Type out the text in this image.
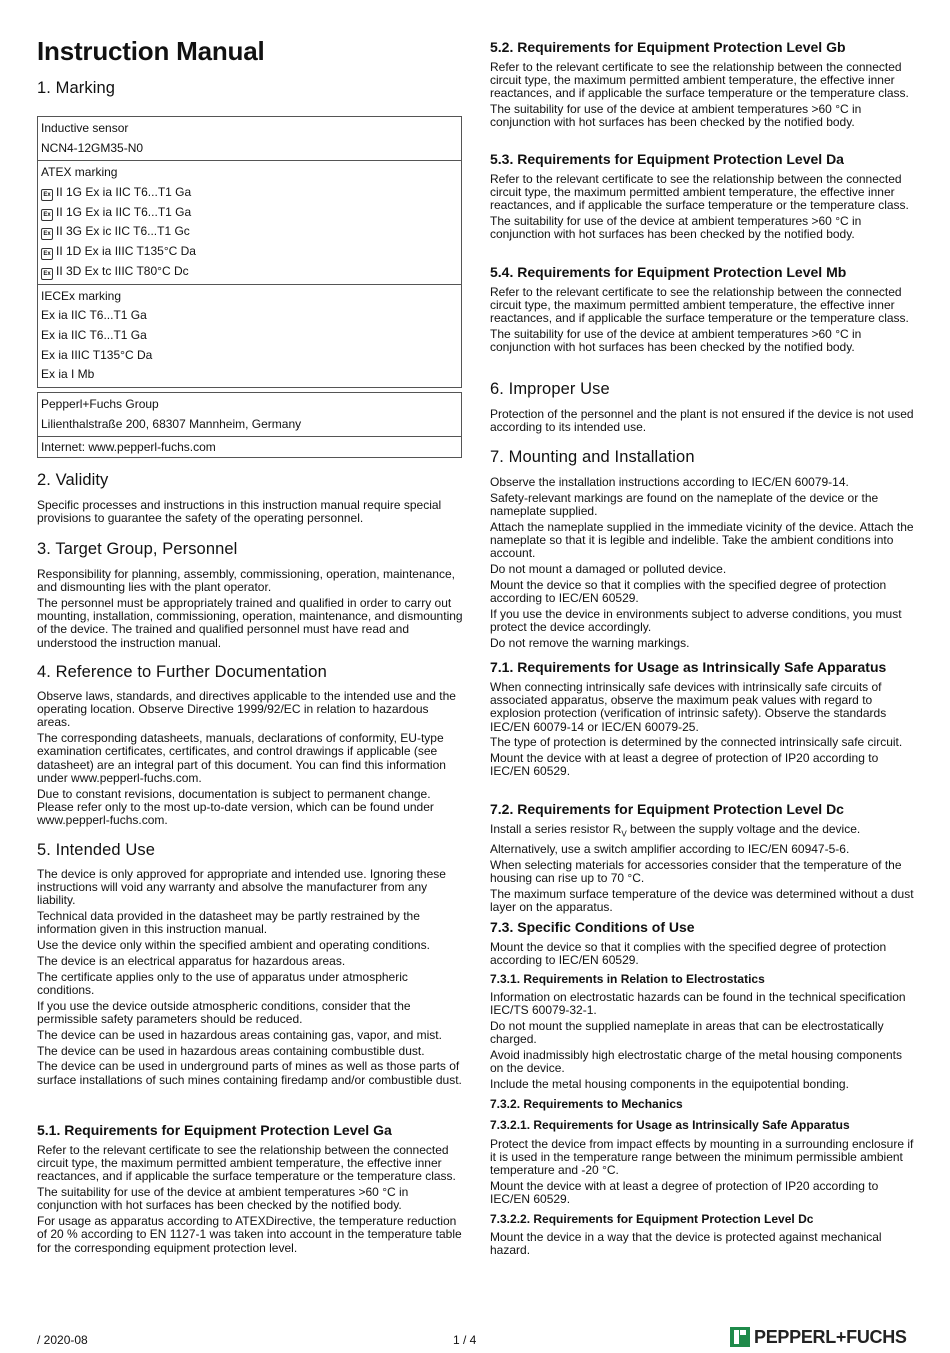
Instruction Manual
1. Marking
Inductive sensor
NCN4-12GM35-N0

ATEX marking
Ex II 1G Ex ia IIC T6...T1 Ga
Ex II 1G Ex ia IIC T6...T1 Ga
Ex II 3G Ex ic IIC T6...T1 Gc
Ex II 1D Ex ia IIIC T135°C Da
Ex II 3D Ex tc IIIC T80°C Dc

IECEx marking
Ex ia IIC T6...T1 Ga
Ex ia IIC T6...T1 Ga
Ex ia IIIC T135°C Da
Ex ia I Mb
Pepperl+Fuchs Group
Lilienthalstraße 200, 68307 Mannheim, Germany

Internet: www.pepperl-fuchs.com
2. Validity

Specific processes and instructions in this instruction manual require special provisions to guarantee the safety of the operating personnel.

3. Target Group, Personnel

Responsibility for planning, assembly, commissioning, operation, maintenance, and dismounting lies with the plant operator.

The personnel must be appropriately trained and qualified in order to carry out mounting, installation, commissioning, operation, maintenance, and dismounting of the device. The trained and qualified personnel must have read and understood the instruction manual.

4. Reference to Further Documentation

Observe laws, standards, and directives applicable to the intended use and the operating location. Observe Directive 1999/92/EC in relation to hazardous areas.

The corresponding datasheets, manuals, declarations of conformity, EU-type examination certificates, certificates, and control drawings if applicable (see datasheet) are an integral part of this document. You can find this information under www.pepperl-fuchs.com.

Due to constant revisions, documentation is subject to permanent change. Please refer only to the most up-to-date version, which can be found under www.pepperl-fuchs.com.

5. Intended Use

The device is only approved for appropriate and intended use. Ignoring these instructions will void any warranty and absolve the manufacturer from any liability.

Technical data provided in the datasheet may be partly restrained by the information given in this instruction manual.

Use the device only within the specified ambient and operating conditions.

The device is an electrical apparatus for hazardous areas.

The certificate applies only to the use of apparatus under atmospheric conditions.

If you use the device outside atmospheric conditions, consider that the permissible safety parameters should be reduced.

The device can be used in hazardous areas containing gas, vapor, and mist.

The device can be used in hazardous areas containing combustible dust.

The device can be used in underground parts of mines as well as those parts of surface installations of such mines containing firedamp and/or combustible dust.

5.1. Requirements for Equipment Protection Level Ga

Refer to the relevant certificate to see the relationship between the connected circuit type, the maximum permitted ambient temperature, the effective inner reactances, and if applicable the surface temperature or the temperature class.

The suitability for use of the device at ambient temperatures >60 °C in conjunction with hot surfaces has been checked by the notified body.

For usage as apparatus according to ATEXDirective, the temperature reduction of 20 % according to EN 1127-1 was taken into account in the temperature table for the corresponding equipment protection level.

5.2. Requirements for Equipment Protection Level Gb

Refer to the relevant certificate to see the relationship between the connected circuit type, the maximum permitted ambient temperature, the effective inner reactances, and if applicable the surface temperature or the temperature class.

The suitability for use of the device at ambient temperatures >60 °C in conjunction with hot surfaces has been checked by the notified body.

5.3. Requirements for Equipment Protection Level Da

Refer to the relevant certificate to see the relationship between the connected circuit type, the maximum permitted ambient temperature, the effective inner reactances, and if applicable the surface temperature or the temperature class.

The suitability for use of the device at ambient temperatures >60 °C in conjunction with hot surfaces has been checked by the notified body.

5.4. Requirements for Equipment Protection Level Mb

Refer to the relevant certificate to see the relationship between the connected circuit type, the maximum permitted ambient temperature, the effective inner reactances, and if applicable the surface temperature or the temperature class.

The suitability for use of the device at ambient temperatures >60 °C in conjunction with hot surfaces has been checked by the notified body.

6. Improper Use

Protection of the personnel and the plant is not ensured if the device is not used according to its intended use.

7. Mounting and Installation

Observe the installation instructions according to IEC/EN 60079-14.

Safety-relevant markings are found on the nameplate of the device or the nameplate supplied.

Attach the nameplate supplied in the immediate vicinity of the device. Attach the nameplate so that it is legible and indelible. Take the ambient conditions into account.

Do not mount a damaged or polluted device.

Mount the device so that it complies with the specified degree of protection according to IEC/EN 60529.

If you use the device in environments subject to adverse conditions, you must protect the device accordingly.

Do not remove the warning markings.

7.1. Requirements for Usage as Intrinsically Safe Apparatus

When connecting intrinsically safe devices with intrinsically safe circuits of associated apparatus, observe the maximum peak values with regard to explosion protection (verification of intrinsic safety). Observe the standards IEC/EN 60079-14 or IEC/EN 60079-25.

The type of protection is determined by the connected intrinsically safe circuit.

Mount the device with at least a degree of protection of IP20 according to IEC/EN 60529.

7.2. Requirements for Equipment Protection Level Dc

Install a series resistor $R_V$ between the supply voltage and the device.

Alternatively, use a switch amplifier according to IEC/EN 60947-5-6.

When selecting materials for accessories consider that the temperature of the housing can rise up to 70 °C.

The maximum surface temperature of the device was determined without a dust layer on the apparatus.

7.3. Specific Conditions of Use

Mount the device so that it complies with the specified degree of protection according to IEC/EN 60529.

7.3.1. Requirements in Relation to Electrostatics

Information on electrostatic hazards can be found in the technical specification IEC/TS 60079-32-1.

Do not mount the supplied nameplate in areas that can be electrostatically charged.

Avoid inadmissibly high electrostatic charge of the metal housing components on the device.

Include the metal housing components in the equipotential bonding.

7.3.2. Requirements to Mechanics
7.3.2.1. Requirements for Usage as Intrinsically Safe Apparatus

Protect the device from impact effects by mounting in a surrounding enclosure if it is used in the temperature range between the minimum permissible ambient temperature and -20 °C.

Mount the device with at least a degree of protection of IP20 according to IEC/EN 60529.

7.3.2.2. Requirements for Equipment Protection Level Dc

Mount the device in a way that the device is protected against mechanical hazard.

/ 2020-08	1 / 4	PEPPERL+FUCHS
